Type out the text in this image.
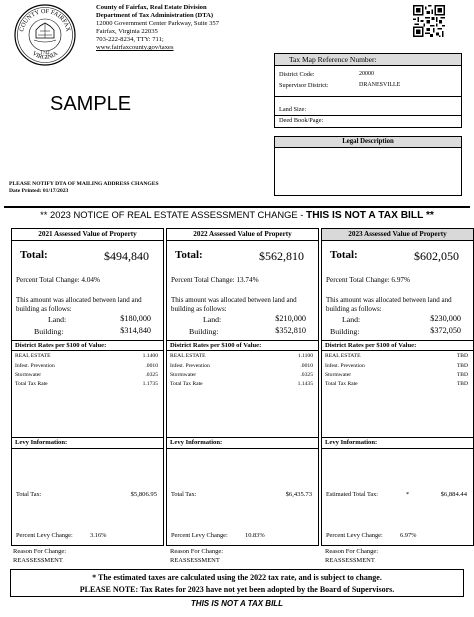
COUNTY OF FAIRFAX
VIRGINIA
1742
County of Fairfax, Real Estate Division
Department of Tax Administration (DTA)
12000 Government Center Parkway, Suite 357
Fairfax, Virginia 22035
703-222-8234, TTY: 711;
www.fairfaxcounty.gov/taxes
SAMPLE
Tax Map Reference Number:
District Code:	20000
Supervisor District:	DRANESVILLE
Land Size:
Deed Book/Page:
Legal Description
PLEASE NOTIFY DTA OF MAILING ADDRESS CHANGES
Date Printed: 01/17/2023
** 2023 NOTICE OF REAL ESTATE ASSESSMENT CHANGE - THIS IS NOT A TAX BILL **
2021 Assessed Value of Property
Total:	$494,840
Percent Total Change: 4.04%
This amount was allocated between land and building as follows:
Land:	$180,000
Building:	$314,840
District Rates per $100 of Value:
REAL ESTATE	1.1400
Infest. Prevention	.0010
Stormwater	.0325
Total Tax Rate	1.1735
Levy Information:
Total Tax:	$5,806.95
Percent Levy Change:	3.16%
2022 Assessed Value of Property
Total:	$562,810
Percent Total Change: 13.74%
This amount was allocated between land and building as follows:
Land:	$210,000
Building:	$352,810
District Rates per $100 of Value:
REAL ESTATE	1.1100
Infest. Prevention	.0010
Stormwater	.0325
Total Tax Rate	1.1435
Levy Information:
Total Tax:	$6,435.73
Percent Levy Change:	10.83%
2023 Assessed Value of Property
Total:	$602,050
Percent Total Change: 6.97%
This amount was allocated between land and building as follows:
Land:	$230,000
Building:	$372,050
District Rates per $100 of Value:
REAL ESTATE	TBD
Infest. Prevention	TBD
Stormwater	TBD
Total Tax Rate	TBD
Levy Information:
Estimated Total Tax:	*	$6,884.44
Percent Levy Change:	6.97%
Reason For Change:
REASSESSMENT
Reason For Change:
REASSESSMENT
Reason For Change:
REASSESSMENT
* The estimated taxes are calculated using the 2022 tax rate, and is subject to change.
PLEASE NOTE: Tax Rates for 2023 have not yet been adopted by the Board of Supervisors.
THIS IS NOT A TAX BILL
